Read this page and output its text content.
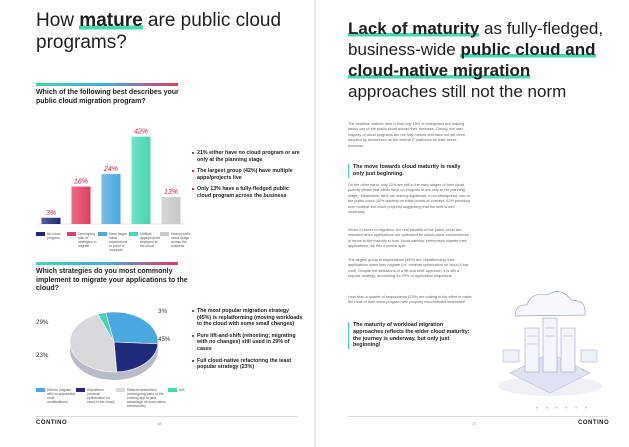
How mature are public cloud programs?
Which of the following best describes your public cloud migration program?
3%
18%
24%
42%
13%
No cloud programDeveloping plan of strategies to migrateHave begun initial experiments or proof of conceptsMultiple apps/projects deployed in the cloudHeavy public cloud usage across the business
21% either have no cloud program or are only at the planning stage
The largest group (42%) have multiple apps/projects live
Only 13% have a fully-fledged public cloud program across the business
Which strategies do you most commonly implement to migrate your applications to the cloud?
29%
23%
45%
3%
Rehost (migrate with no substantial code modifications)Replatform (minimal optimization for cloud in the cloud)Refactor/rearchitect (redesigning parts of the existing app to take advantage of cloud native frameworks)N/A
The most popular migration strategy (45%) is replatforming (moving workloads to the cloud with some small changes)
Pure lift-and-shift (rehosting; migrating with no changes) still used in 29% of cases
Full cloud-native refactoring the least popular strategy (23%)
CONTINO	16
Lack of maturity as fully-fledged, business-wide public cloud and cloud-native migration approaches still not the norm
The headline statistic here is that only 13% of enterprises are making heavy use of the public cloud across their business. Clearly, the vast majority of cloud programs are not fully mature and have not yet been adopted by businesses as the central IT platforms for their whole business.
The move towards cloud maturity is really only just beginning.
On the other hand, only 21% are still in the early stages of their cloud journey (those that either have no program or are only at the planning stage). Meanwhile, 66% are making significant, if not widespread, use of the public cloud (42% working on initial proofs-of-concept, 42% presiding over multiple live cloud projects) suggesting that the shift is well underway.
When it comes to migration, the real benefits of the public cloud are revealed when applications are optimized for cloud-native environments. In terms of the maturity of how 'cloud-natively' enterprises migrate their applications, we find a similar split.
The largest group of respondents (45%) are 'replatforming' their applications when they migrate (i.e. minimal optimization for cloud if low cost). Despite the limitations of a 'lift and shift' approach, it is still a popular strategy, accounting for 29% of application migrations.
Less than a quarter of respondents (23%) are putting in the effort to make the most of their cloud program with properly rearchitected workloads!
The maturity of workload migration approaches reflects the wider cloud maturity: the journey is underway, but only just beginning!
• • • • • •
17	CONTINO
